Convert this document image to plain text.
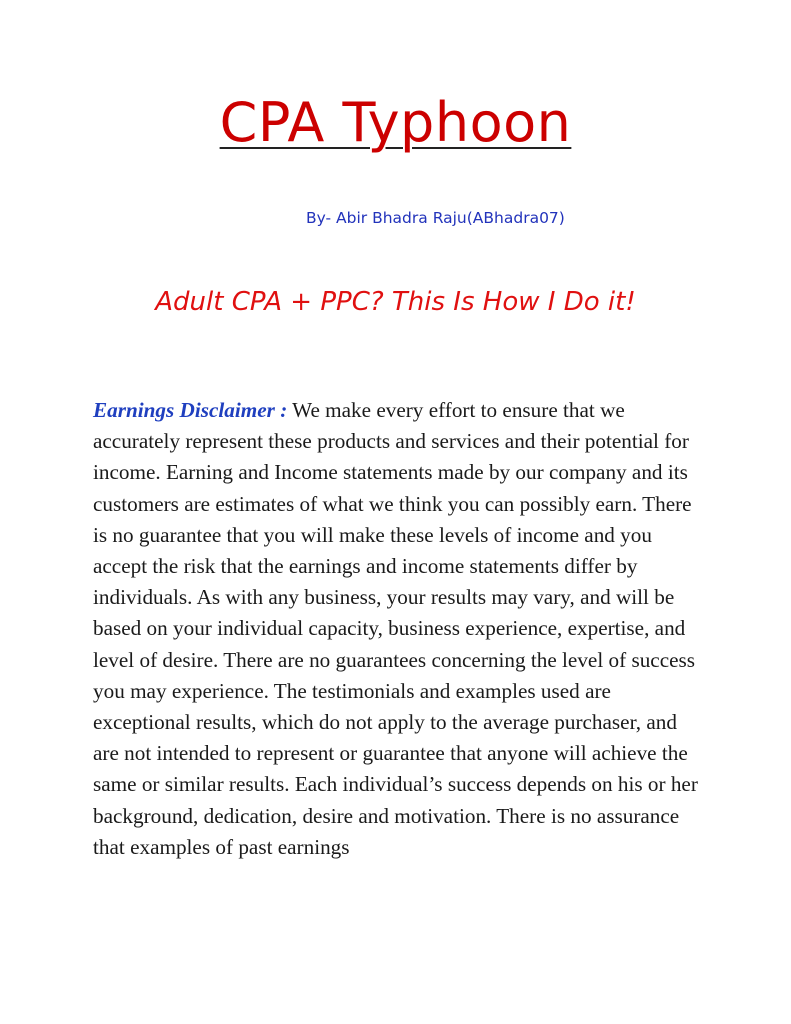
CPA Typhoon
By- Abir Bhadra Raju(ABhadra07)
Adult CPA + PPC? This Is How I Do it!

Earnings Disclaimer : We make every effort to ensure that we accurately represent these products and services and their potential for income. Earning and Income statements made by our company and its customers are estimates of what we think you can possibly earn. There is no guarantee that you will make these levels of income and you accept the risk that the earnings and income statements differ by individuals. As with any business, your results may vary, and will be based on your individual capacity, business experience, expertise, and level of desire. There are no guarantees concerning the level of success you may experience. The testimonials and examples used are exceptional results, which do not apply to the average purchaser, and are not intended to represent or guarantee that anyone will achieve the same or similar results. Each individual’s success depends on his or her background, dedication, desire and motivation. There is no assurance that examples of past earnings
